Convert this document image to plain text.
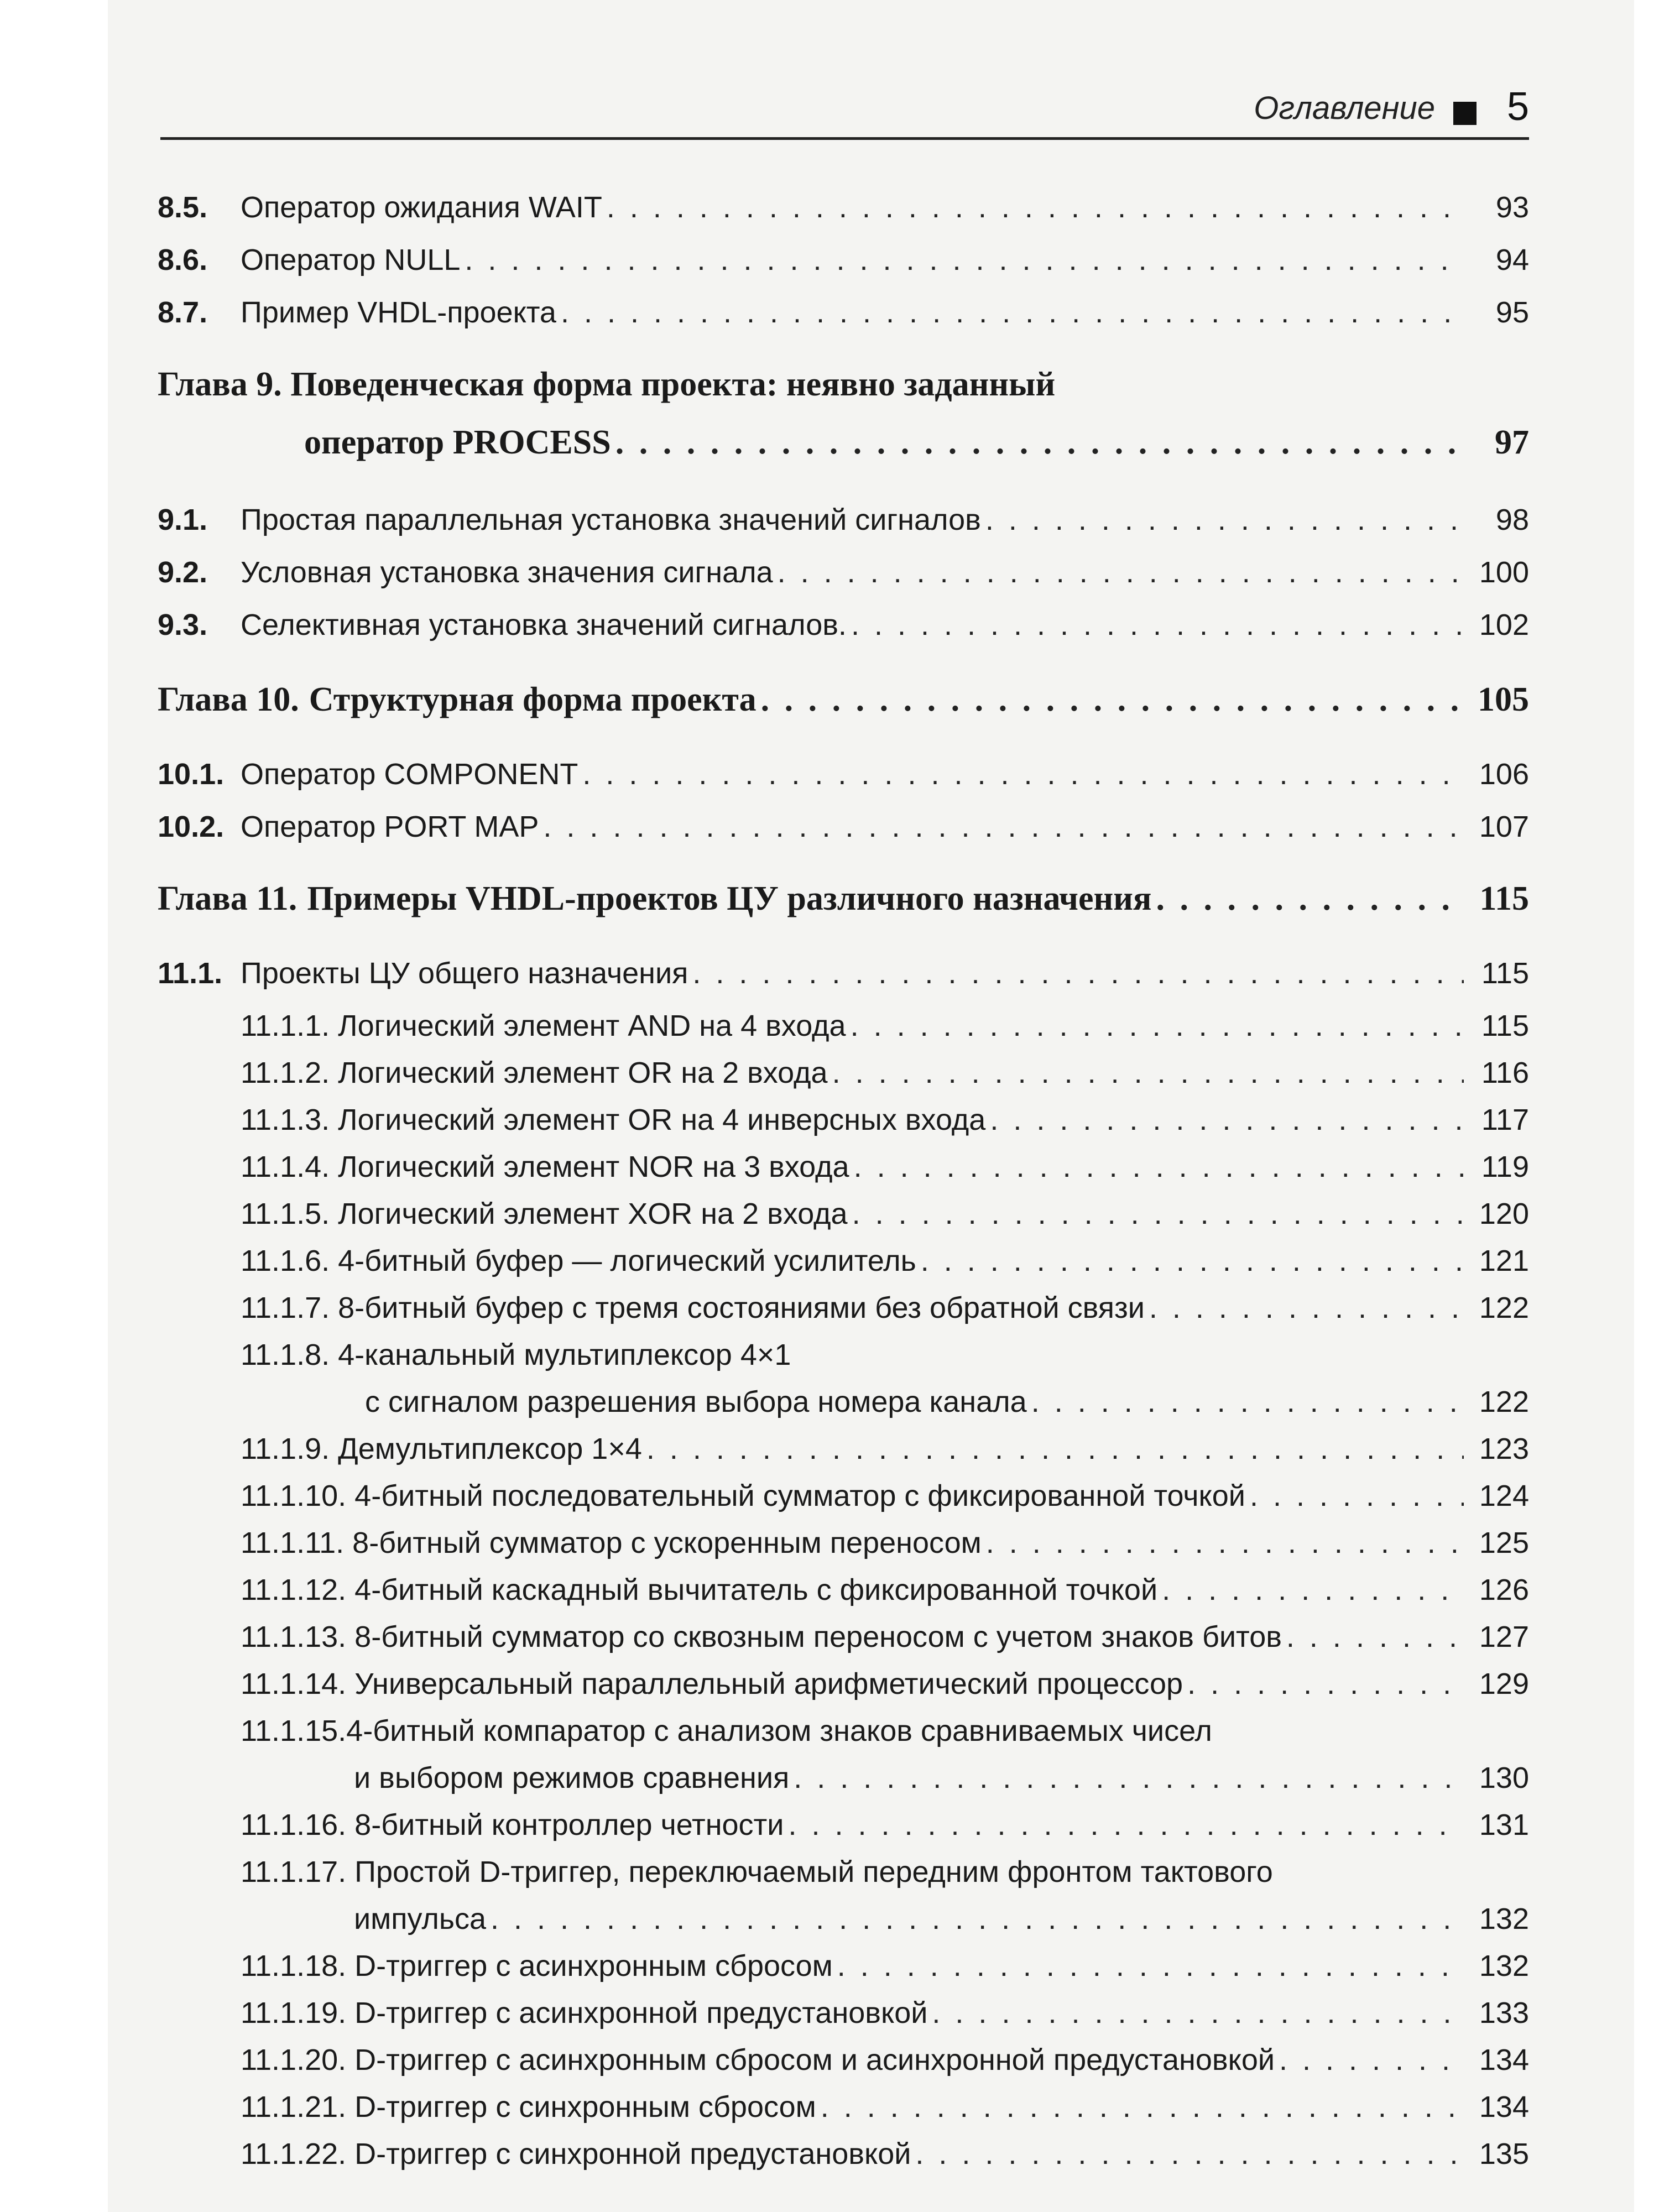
Оглавление 5
8.5.	Оператор ожидания WAIT . . .	93
8.6.	Оператор NULL . . .	94
8.7.	Пример VHDL-проекта . . .	95
Глава 9. Поведенческая форма проекта: неявно заданный
оператор PROCESS . . .	97
9.1.	Простая параллельная установка значений сигналов . . .	98
9.2.	Условная установка значения сигнала . . .	100
9.3.	Селективная установка значений сигналов. . . .	102
Глава 10. Структурная форма проекта . . .	105
10.1. Оператор COMPONENT . . .	106
10.2. Оператор PORT MAP . . .	107
Глава 11. Примеры VHDL-проектов ЦУ различного назначения . . .	115
11.1. Проекты ЦУ общего назначения . . .	115
11.1.1. Логический элемент AND на 4 входа . . .	115
11.1.2. Логический элемент OR на 2 входа . . .	116
11.1.3. Логический элемент OR на 4 инверсных входа . . .	117
11.1.4. Логический элемент NOR на 3 входа . . .	119
11.1.5. Логический элемент XOR на 2 входа . . .	120
11.1.6. 4-битный буфер — логический усилитель . . .	121
11.1.7. 8-битный буфер с тремя состояниями без обратной связи . . .	122
11.1.8. 4-канальный мультиплексор 4×1
с сигналом разрешения выбора номера канала . . .	122
11.1.9. Демультиплексор 1×4 . . .	123
11.1.10. 4-битный последовательный сумматор с фиксированной точкой . . .	124
11.1.11. 8-битный сумматор с ускоренным переносом . . .	125
11.1.12. 4-битный каскадный вычитатель с фиксированной точкой . . .	126
11.1.13. 8-битный сумматор со сквозным переносом с учетом знаков битов . . .	127
11.1.14. Универсальный параллельный арифметический процессор . . .	129
11.1.15.4-битный компаратор с анализом знаков сравниваемых чисел
и выбором режимов сравнения . . .	130
11.1.16. 8-битный контроллер четности . . .	131
11.1.17. Простой D-триггер, переключаемый передним фронтом тактового
импульса . . .	132
11.1.18. D-триггер с асинхронным сбросом . . .	132
11.1.19. D-триггер с асинхронной предустановкой . . .	133
11.1.20. D-триггер с асинхронным сбросом и асинхронной предустановкой . . .	134
11.1.21. D-триггер с синхронным сбросом . . .	134
11.1.22. D-триггер с синхронной предустановкой . . .	135
